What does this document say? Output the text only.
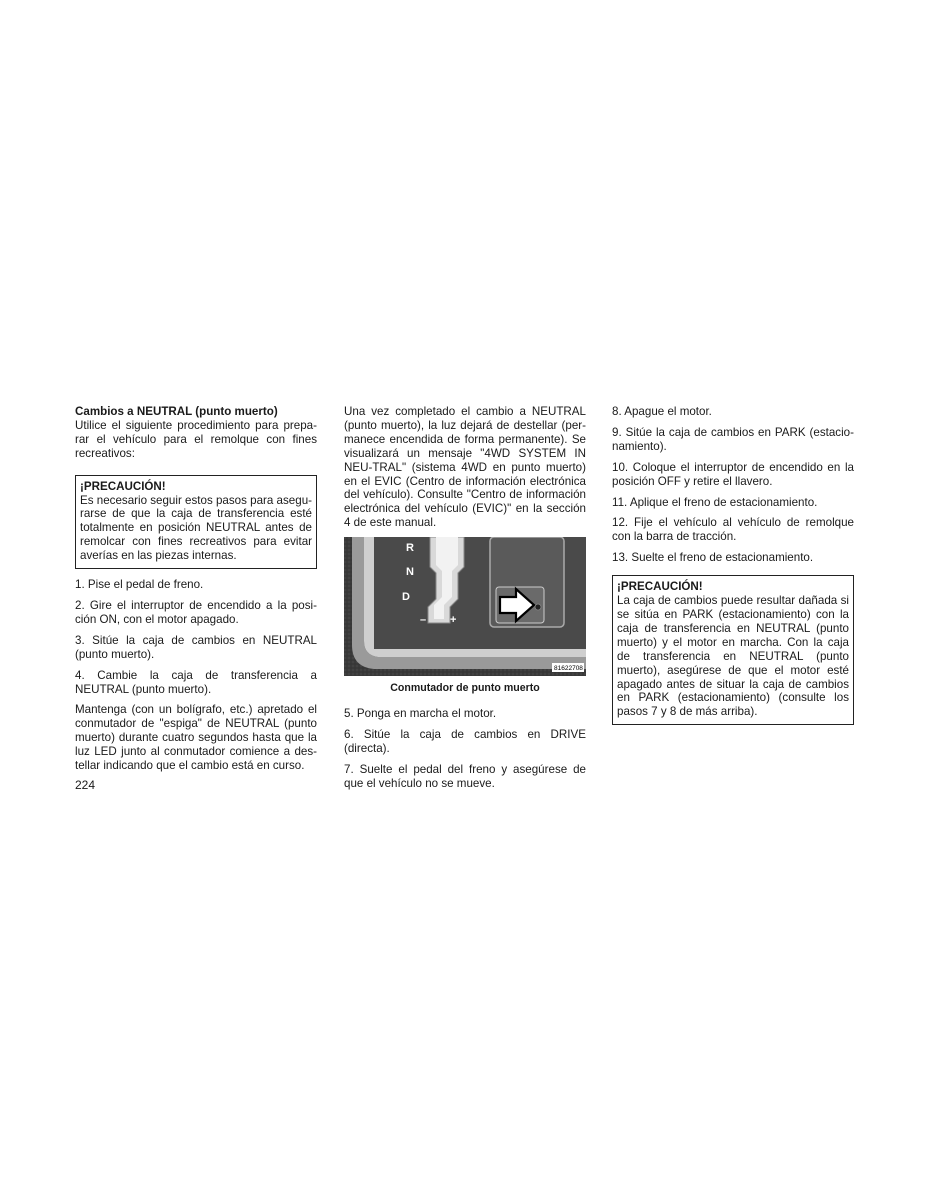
Cambios a NEUTRAL (punto muerto)

Utilice el siguiente procedimiento para prepa-rar el vehículo para el remolque con fines recreativos:

¡PRECAUCIÓN!
Es necesario seguir estos pasos para asegu-rarse de que la caja de transferencia esté totalmente en posición NEUTRAL antes de remolcar con fines recreativos para evitar averías en las piezas internas.

1. Pise el pedal de freno.

2. Gire el interruptor de encendido a la posi-ción ON, con el motor apagado.

3. Sitúe la caja de cambios en NEUTRAL (punto muerto).

4. Cambie la caja de transferencia a NEUTRAL (punto muerto).

Mantenga (con un bolígrafo, etc.) apretado el conmutador de "espiga" de NEUTRAL (punto muerto) durante cuatro segundos hasta que la luz LED junto al conmutador comience a des-tellar indicando que el cambio está en curso.

Una vez completado el cambio a NEUTRAL (punto muerto), la luz dejará de destellar (per-manece encendida de forma permanente). Se visualizará un mensaje "4WD SYSTEM IN NEU-TRAL" (sistema 4WD en punto muerto) en el EVIC (Centro de información electrónica del vehículo). Consulte "Centro de información electrónica del vehículo (EVIC)" en la sección 4 de este manual.

R
N
D
– +
81622708

Conmutador de punto muerto

5. Ponga en marcha el motor.

6. Sitúe la caja de cambios en DRIVE (directa).

7. Suelte el pedal del freno y asegúrese de que el vehículo no se mueve.

8. Apague el motor.

9. Sitúe la caja de cambios en PARK (estacio-namiento).

10. Coloque el interruptor de encendido en la posición OFF y retire el llavero.

11. Aplique el freno de estacionamiento.

12. Fije el vehículo al vehículo de remolque con la barra de tracción.

13. Suelte el freno de estacionamiento.

¡PRECAUCIÓN!
La caja de cambios puede resultar dañada si se sitúa en PARK (estacionamiento) con la caja de transferencia en NEUTRAL (punto muerto) y el motor en marcha. Con la caja de transferencia en NEUTRAL (punto muerto), asegúrese de que el motor esté apagado antes de situar la caja de cambios en PARK (estacionamiento) (consulte los pasos 7 y 8 de más arriba).
224
